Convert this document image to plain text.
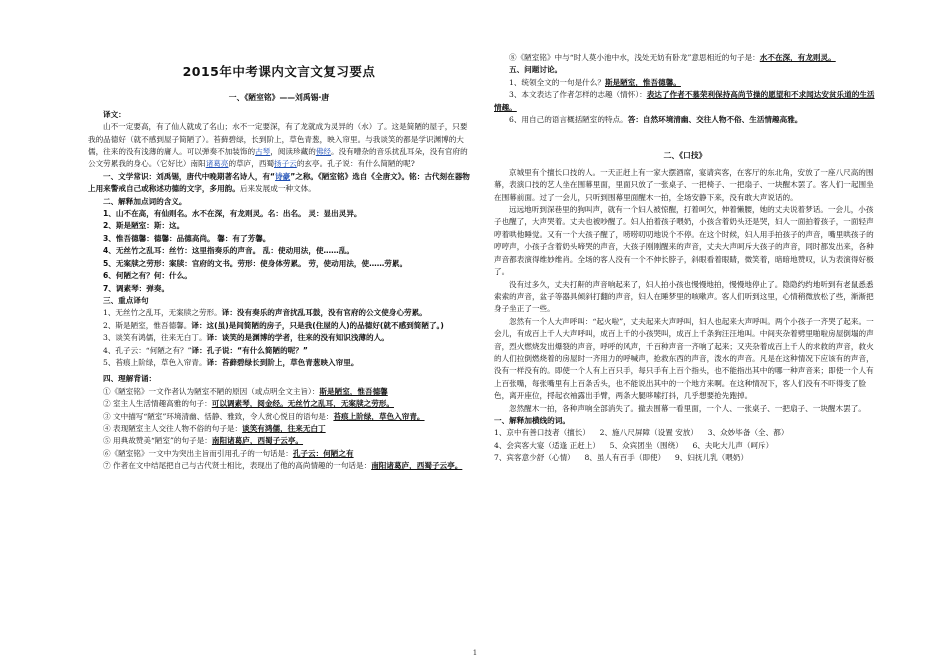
2015年中考课内文言文复习要点
一、《陋室铭》——刘禹锡·唐

译文：

山不一定要高，有了仙人就成了名山；水不一定要深，有了龙就成为灵异的（水）了。这是简陋的屋子，只要我的品德好（就不感到屋子简陋了）。苔藓碧绿，长到阶上，草色青葱，映入帘里。与我谈笑的都是学识渊博的大儒，往来的没有浅薄的庸人。可以弹奏不加装饰的古琴，阅读珍藏的佛经。没有嘈杂的音乐扰乱耳朵，没有官府的公文劳累我的身心。（它好比）南阳诸葛亮的草庐，西蜀扬子云的玄亭。孔子说：有什么简陋的呢?

一、文学常识：刘禹锡，唐代中晚期著名诗人，有“诗豪”之称。《陋室铭》选自《全唐文》。铭：古代刻在器物上用来警戒自己或称述功德的文字，多用韵。后来发展成一种文体。

二、解释加点词的含义。

1、山不在高，有仙则名。水不在深，有龙则灵。名：出名。 灵：显出灵异。

2、斯是陋室：斯：这。

3、惟吾德馨：德馨：品德高尚。 馨：有了芳馨。

4、无丝竹之乱耳：丝竹：这里指奏乐的声音。 乱：使动用法，使……乱。

5、无案牍之劳形：案牍：官府的文书。劳形：使身体劳累。 劳，使动用法，使……劳累。

6、何陋之有？何：什么。

7、调素琴：弹奏。

三、重点译句

1、无丝竹之乱耳，无案牍之劳形。译：没有奏乐的声音扰乱耳鼓，没有官府的公文使身心劳累。

2、斯是陋室，惟吾德馨。译：这(虽)是间简陋的房子，只是我(住屋的人)的品德好(就不感到简陋了。)

3、谈笑有鸿儒，往来无白丁。译：谈笑的是渊博的学者，往来的没有知识浅薄的人。

4、孔子云：“何陋之有？”译：孔子说：“有什么简陋的呢？”

5、苔痕上阶绿，草色入帘青。译：苔藓碧绿长到阶上，草色青葱映入帘里。

四、理解背诵：

①《陋室铭》一文作者认为陋室不陋的原因（或点明全文主旨）：斯是陋室，惟吾德馨

② 室主人生活情趣高雅的句子：可以调素琴，阅金经。无丝竹之乱耳，无案牍之劳形。

③ 文中描写“陋室”环境清幽、恬静、雅致，令人赏心悦目的语句是：苔痕上阶绿，草色入帘青。

④ 表现陋室主人交往人物不俗的句子是：谈笑有鸿儒，往来无白丁

⑤ 用典故赞美“陋室”的句子是：南阳诸葛庐，西蜀子云亭。

⑥《陋室铭》一文中为突出主旨而引用孔子的一句话是：孔子云：何陋之有

⑦ 作者在文中结尾把自己与古代贤士相比，表现出了他的高尚情趣的一句话是：南阳诸葛庐，西蜀子云亭。

⑧《陋室铭》中与“时人莫小池中水，浅处无妨有卧龙”意思相近的句子是：水不在深，有龙则灵。

五、问题讨论。

1、统领全文的一句是什么？斯是陋室，惟吾德馨。

3、本文表达了作者怎样的志趣（情怀）：表达了作者不慕荣利保持高尚节操的愿望和不求闻达安贫乐道的生活情趣。

6、用自己的语言概括陋室的特点。答：自然环境清幽、交往人物不俗、生活情趣高雅。

二、《口技》

京城里有个擅长口技的人。一天正赶上有一家大摆酒席，宴请宾客，在客厅的东北角，安放了一座八尺高的围幕，表演口技的艺人坐在围幕里面，里面只放了一张桌子、一把椅子、一把扇子、一块醒木罢了。客人们一起围坐在围幕前面。过了一会儿，只听到围幕里面醒木一拍，全场安静下来，没有敢大声说话的。

远远地听到深巷里的狗叫声，就有一个妇人被惊醒，打着呵欠，伸着懒腰，她的丈夫说着梦话。一会儿，小孩子也醒了，大声哭着。丈夫也被吵醒了。妇人拍着孩子喂奶，小孩含着奶头还是哭，妇人一面拍着孩子，一面轻声哼着哄他睡觉。又有一个大孩子醒了，唠唠叨叨地说个不停。在这个时候，妇人用手拍孩子的声音，嘴里哄孩子的哼哼声，小孩子含着奶头啼哭的声音，大孩子刚刚醒来的声音，丈夫大声呵斥大孩子的声音，同时都发出来，各种声音都表演得维妙维肖。全场的客人没有一个不伸长脖子，斜眼看着眼睛，微笑着，暗暗地赞叹，认为表演得好极了。

没有过多久，丈夫打鼾的声音响起来了，妇人拍小孩也慢慢地拍，慢慢地停止了。隐隐约约地听到有老鼠悉悉索索的声音，盆子等器具倾斜打翻的声音，妇人在睡梦里的咳嗽声。客人们听到这里，心情稍微放松了些，渐渐把身子坐正了一些。

忽然有一个人大声呼叫：“起火啦”，丈夫起来大声呼叫，妇人也起来大声呼叫。两个小孩子一齐哭了起来。一会儿，有成百上千人大声呼叫，成百上千的小孩哭叫，成百上千条狗汪汪地叫。中间夹杂着劈里啪啦房屋倒塌的声音，烈火燃烧发出爆裂的声音，呼呼的风声，千百种声音一齐响了起来；又夹杂着成百上千人的求救的声音，救火的人们拉倒燃烧着的房屋时一齐用力的呼喊声，抢救东西的声音，泼水的声音。凡是在这种情况下应该有的声音，没有一样没有的。即使一个人有上百只手，每只手有上百个指头，也不能指出其中的哪一种声音来；即使一个人有上百张嘴，每张嘴里有上百条舌头，也不能说出其中的一个地方来啊。在这种情况下，客人们没有不吓得变了脸色，离开座位，捋起衣袖露出手臂，两条大腿哆嗦打抖，几乎想要抢先跑掉。

忽然醒木一拍，各种声响全部消失了。撤去围幕一看里面，一个人、一张桌子、一把扇子、一块醒木罢了。

一、解释加横线的词。

1、京中有善口技者（擅长） 2、施八尺屏障（设置 安放） 3、众妙毕备（全、都）

4、会宾客大宴（适逢 正赶上） 5、众宾团坐（围绕） 6、夫叱大儿声（呵斥）

7、宾客意少舒（心情） 8、虽人有百手（即使） 9、妇抚儿乳（喂奶）

1
